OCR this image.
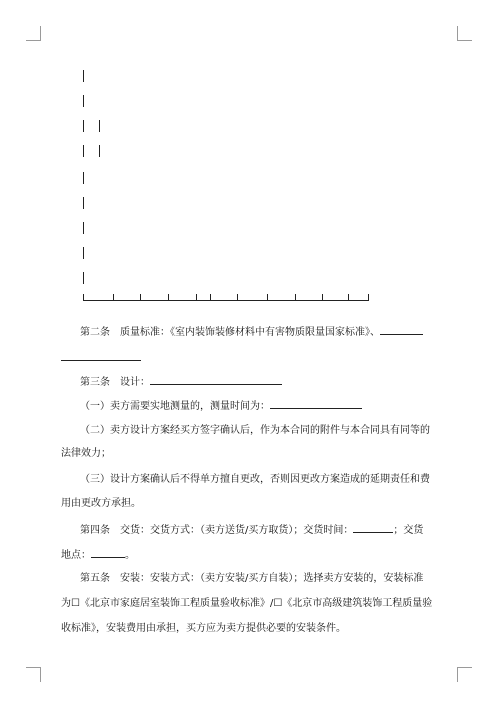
第二条　质量标准：《室内装饰装修材料中有害物质限量国家标准》、
第三条　设计：
（一）卖方需要实地测量的，测量时间为：
（二）卖方设计方案经买方签字确认后，作为本合同的附件与本合同具有同等的
法律效力；
（三）设计方案确认后不得单方擅自更改，否则因更改方案造成的延期责任和费
用由更改方承担。
第四条　交货：交货方式：（卖方送货/买方取货）；交货时间：	；交货
地点：	。
第五条　安装：安装方式：（卖方安装/买方自装）；选择卖方安装的，安装标准
为☐《北京市家庭居室装饰工程质量验收标准》/☐《北京市高级建筑装饰工程质量验
收标准》，安装费用由承担，买方应为卖方提供必要的安装条件。
